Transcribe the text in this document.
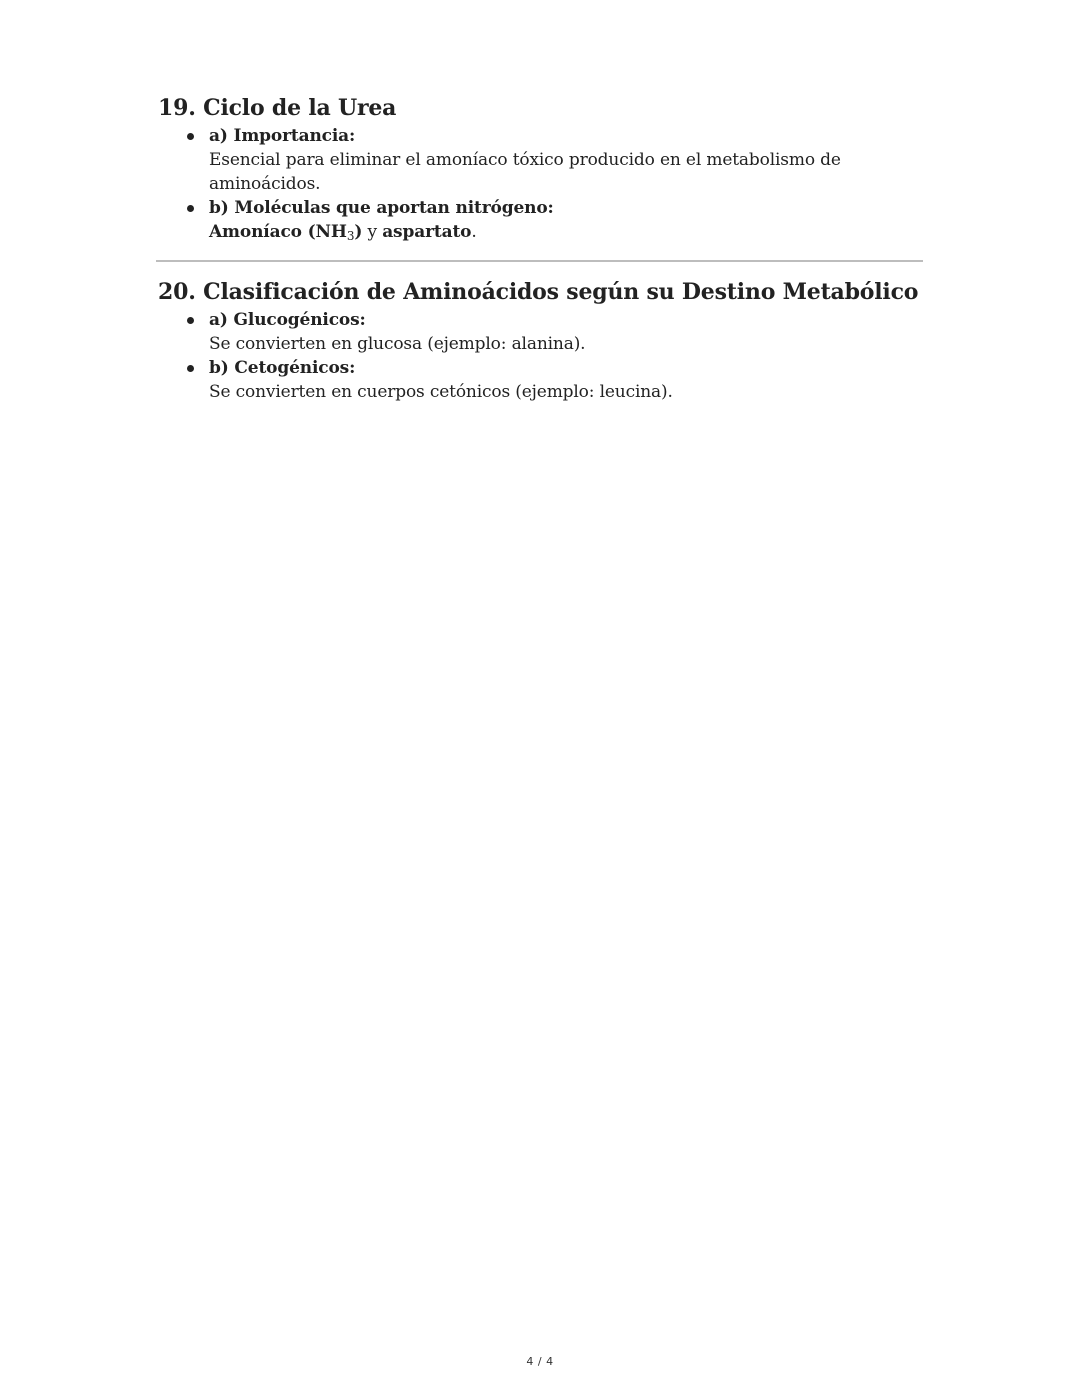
19. Ciclo de la Urea
a) Importancia:
Esencial para eliminar el amoníaco tóxico producido en el metabolismo de aminoácidos.
b) Moléculas que aportan nitrógeno:
Amoníaco $(NH_3)$ y aspartato.
20. Clasificación de Aminoácidos según su Destino Metabólico
a) Glucogénicos:
Se convierten en glucosa (ejemplo: alanina).
b) Cetogénicos:
Se convierten en cuerpos cetónicos (ejemplo: leucina).
4 / 4
